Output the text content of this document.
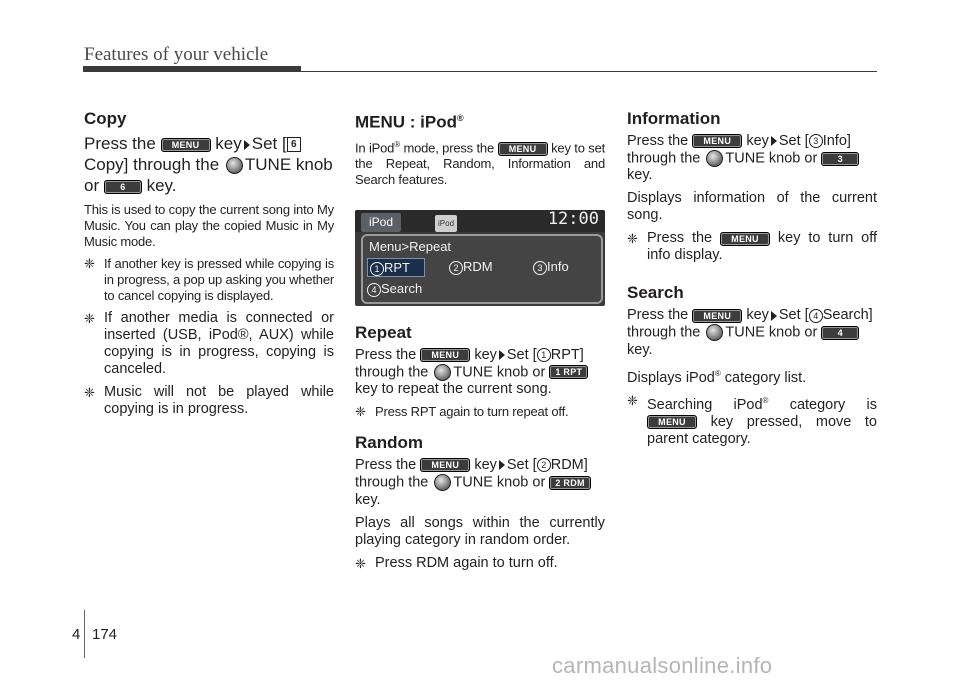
Features of your vehicle
Copy

Press the MENU key Set [ 6
Copy] through the TUNE knob
or 6 key.

This is used to copy the current song into My Music. You can play the copied Music in My Music mode.

❈ If another key is pressed while copying is in progress, a pop up asking you whether to cancel copying is displayed.
❈ If another media is connected or inserted (USB, iPod®, AUX) while copying is in progress, copying is canceled.
❈ Music will not be played while copying is in progress.
MENU : iPod®

In iPod® mode, press the MENU key to set the Repeat, Random, Information and Search features.

iPod	iPod	12:00
Menu>Repeat
1 RPT	2 RDM	3 Info
4 Search
Repeat

Press the MENU key Set [ 1 RPT]
through the TUNE knob or 1 RPT
key to repeat the current song.

❈ Press RPT again to turn repeat off.
Random

Press the MENU key Set [ 2 RDM]
through the TUNE knob or 2 RDM
key.

Plays all songs within the currently playing category in random order.

❈ Press RDM again to turn off.
Information

Press the MENU key Set [ 3 Info]
through the TUNE knob or 3
key.

Displays information of the current song.

❈ Press the MENU key to turn off info display.
Search

Press the MENU key Set [ 4 Search]
through the TUNE knob or 4
key.

Displays iPod® category list.

❈ Searching iPod® category is MENU key pressed, move to parent category.
4 174
carmanualsonline.info
